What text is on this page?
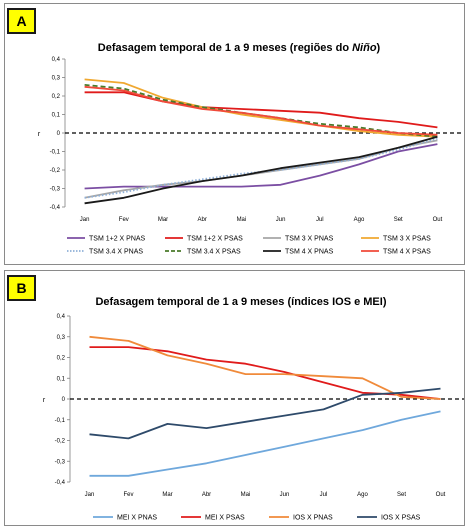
A
Defasagem temporal de 1 a 9 meses (regiões do Niño)
0,4
0,3
0,2
0,1
0
-0,1
-0,2
-0,3
-0,4
r
Jan	Fev	Mar	Abr	Mai	Jun	Jul	Ago	Set	Out
TSM 1+2 X PNAS	TSM 1+2 X PSAS	TSM 3 X PNAS	TSM 3 X PSAS
TSM 3.4 X PNAS	TSM 3.4 X PSAS	TSM 4 X PNAS	TSM 4 X PSAS
B
Defasagem temporal de 1 a 9 meses (índices IOS e MEI)
0,4
0,3
0,2
0,1
0
-0,1
-0,2
-0,3
-0,4
r
Jan	Fev	Mar	Abr	Mai	Jun	Jul	Ago	Set	Out
MEI X PNAS	MEI X PSAS	IOS X PNAS	IOS X PSAS
